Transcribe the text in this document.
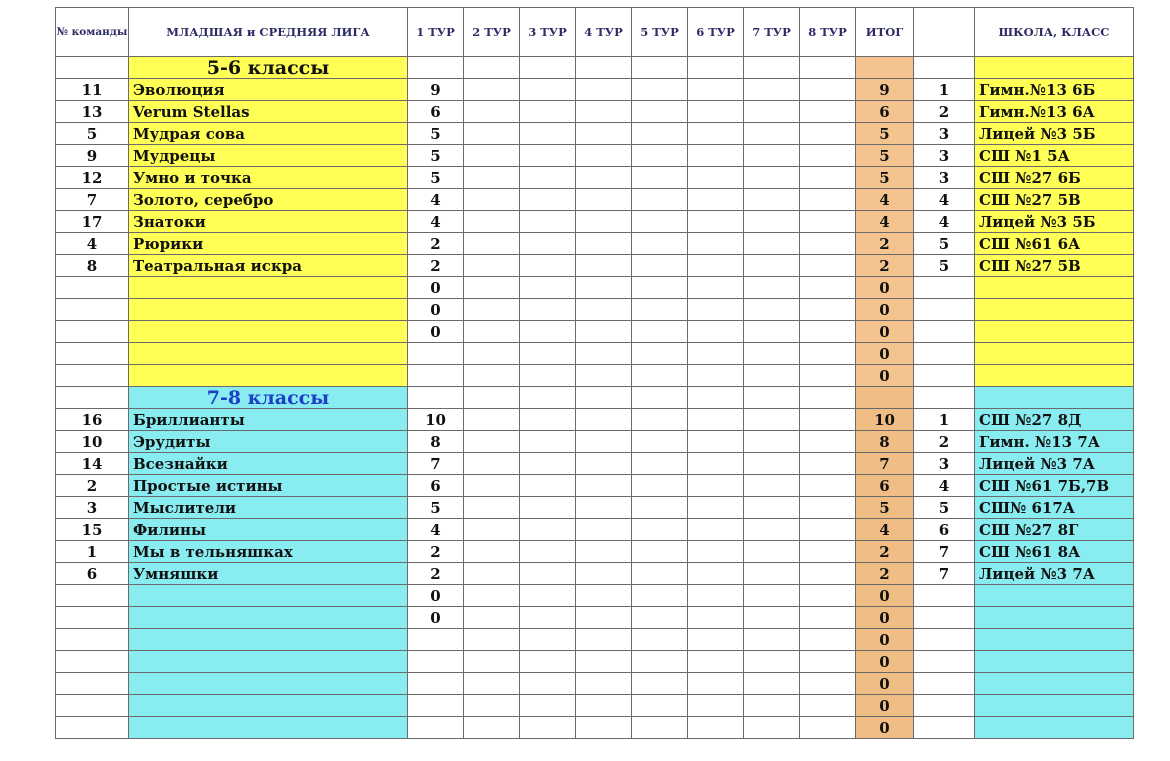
№ команды	МЛАДШАЯ и СРЕДНЯЯ ЛИГА	1 ТУР	2 ТУР	3 ТУР	4 ТУР	5 ТУР	6 ТУР	7 ТУР	8 ТУР	ИТОГ		ШКОЛА, КЛАСС
	5-6 классы											
11	Эволюция	9								9	1	Гимн.№13 6Б
13	Verum Stellas	6								6	2	Гимн.№13 6А
5	Мудрая сова	5								5	3	Лицей №3 5Б
9	Мудрецы	5								5	3	СШ №1 5А
12	Умно и точка	5								5	3	СШ №27 6Б
7	Золото, серебро	4								4	4	СШ №27 5В
17	Знатоки	4								4	4	Лицей №3 5Б
4	Рюрики	2								2	5	СШ №61 6А
8	Театральная искра	2								2	5	СШ №27 5В
		0								0		
		0								0		
		0								0		
										0		
										0		
	7-8 классы											
16	Бриллианты	10								10	1	СШ №27 8Д
10	Эрудиты	8								8	2	Гимн. №13 7А
14	Всезнайки	7								7	3	Лицей №3 7А
2	Простые истины	6								6	4	СШ №61 7Б,7В
3	Мыслители	5								5	5	СШ№ 617А
15	Филины	4								4	6	СШ №27 8Г
1	Мы в тельняшках	2								2	7	СШ №61 8А
6	Умняшки	2								2	7	Лицей №3 7А
		0								0		
		0								0		
										0		
										0		
										0		
										0		
										0		
